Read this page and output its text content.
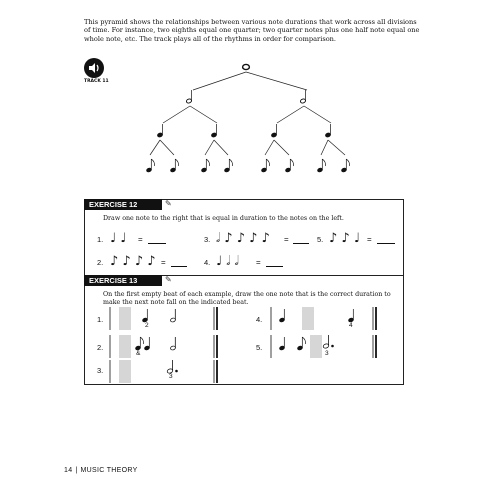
This pyramid shows the relationships between various note durations that work across all divisions of time. For instance, two eighths equal one quarter; two quarter notes plus one half note equal one whole note, etc. The track plays all of the rhythms in order for comparison.

TRACK 11
EXERCISE 12	✎
Draw one note to the right that is equal in duration to the notes on the left.
1. ♩ ♩ =
2. ♪ ♪ ♪ ♪ =
3. 𝅗𝅥 ♪ ♪ ♪ ♪ =
4. ♩ 𝅗𝅥 𝅗𝅥 =
5. ♪ ♪ ♩ =
EXERCISE 13	✎
On the first empty beat of each example, draw the one note that is the correct duration to make the next note fall on the indicated beat.
1.
2
2.
&
3.
3
4.
4
5.
3
14 | MUSIC THEORY
